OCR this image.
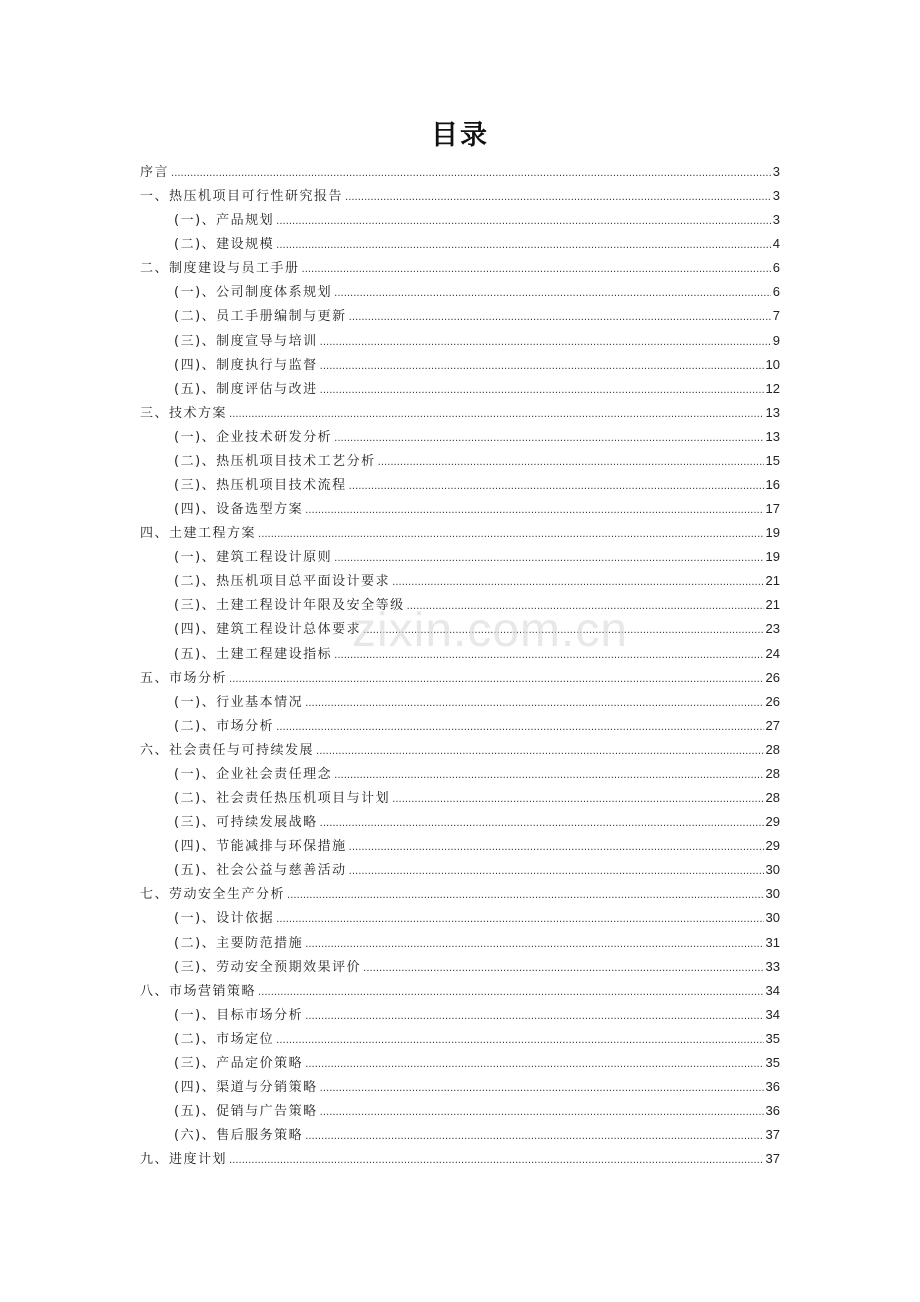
目录
序言 .....	3
一、热压机项目可行性研究报告 .....	3
(一)、产品规划 .....	3
(二)、建设规模 .....	4
二、制度建设与员工手册 .....	6
(一)、公司制度体系规划 .....	6
(二)、员工手册编制与更新 .....	7
(三)、制度宣导与培训 .....	9
(四)、制度执行与监督 .....	10
(五)、制度评估与改进 .....	12
三、技术方案 .....	13
(一)、企业技术研发分析 .....	13
(二)、热压机项目技术工艺分析 .....	15
(三)、热压机项目技术流程 .....	16
(四)、设备选型方案 .....	17
四、土建工程方案 .....	19
(一)、建筑工程设计原则 .....	19
(二)、热压机项目总平面设计要求 .....	21
(三)、土建工程设计年限及安全等级 .....	21
(四)、建筑工程设计总体要求 .....	23
(五)、土建工程建设指标 .....	24
五、市场分析 .....	26
(一)、行业基本情况 .....	26
(二)、市场分析 .....	27
六、社会责任与可持续发展 .....	28
(一)、企业社会责任理念 .....	28
(二)、社会责任热压机项目与计划 .....	28
(三)、可持续发展战略 .....	29
(四)、节能减排与环保措施 .....	29
(五)、社会公益与慈善活动 .....	30
七、劳动安全生产分析 .....	30
(一)、设计依据 .....	30
(二)、主要防范措施 .....	31
(三)、劳动安全预期效果评价 .....	33
八、市场营销策略 .....	34
(一)、目标市场分析 .....	34
(二)、市场定位 .....	35
(三)、产品定价策略 .....	35
(四)、渠道与分销策略 .....	36
(五)、促销与广告策略 .....	36
(六)、售后服务策略 .....	37
九、进度计划 .....	37
zixin.com.cn
